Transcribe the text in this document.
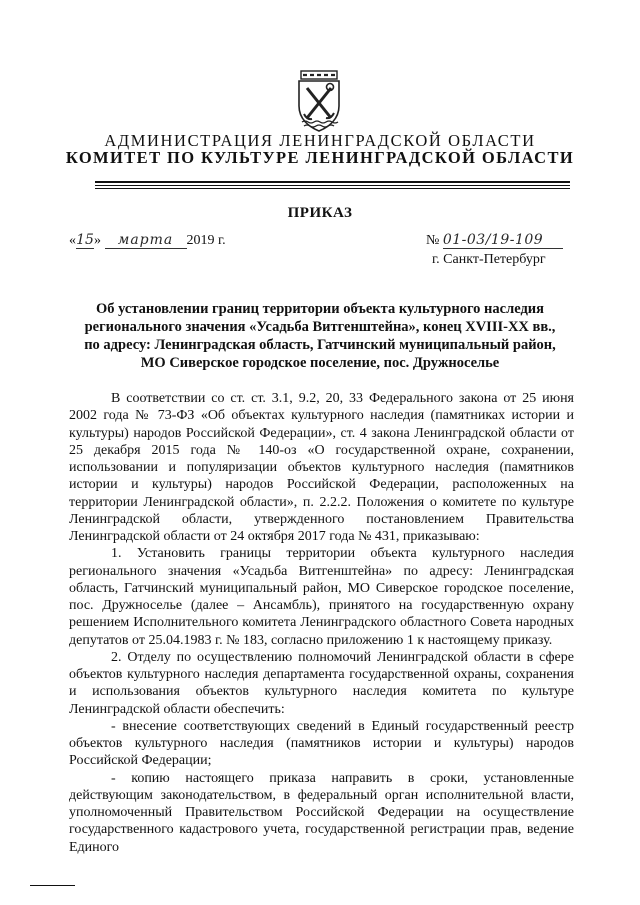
АДМИНИСТРАЦИЯ ЛЕНИНГРАДСКОЙ ОБЛАСТИ

КОМИТЕТ ПО КУЛЬТУРЕ ЛЕНИНГРАДСКОЙ ОБЛАСТИ

ПРИКАЗ

«15» марта 2019 г.	№ 01-03/19-109
г. Санкт-Петербург
Об установлении границ территории объекта культурного наследия
регионального значения «Усадьба Витгенштейна», конец XVIII-XX вв.,
по адресу: Ленинградская область, Гатчинский муниципальный район,
МО Сиверское городское поселение, пос. Дружноселье

В соответствии со ст. ст. 3.1, 9.2, 20, 33 Федерального закона от 25 июня 2002 года № 73-ФЗ «Об объектах культурного наследия (памятниках истории и культуры) народов Российской Федерации», ст. 4 закона Ленинградской области от 25 декабря 2015 года № 140-оз «О государственной охране, сохранении, использовании и популяризации объектов культурного наследия (памятников истории и культуры) народов Российской Федерации, расположенных на территории Ленинградской области», п. 2.2.2. Положения о комитете по культуре Ленинградской области, утвержденного постановлением Правительства Ленинградской области от 24 октября 2017 года № 431, приказываю:

1. Установить границы территории объекта культурного наследия регионального значения «Усадьба Витгенштейна» по адресу: Ленинградская область, Гатчинский муниципальный район, МО Сиверское городское поселение, пос. Дружноселье (далее – Ансамбль), принятого на государственную охрану решением Исполнительного комитета Ленинградского областного Совета народных депутатов от 25.04.1983 г. № 183, согласно приложению 1 к настоящему приказу.

2. Отделу по осуществлению полномочий Ленинградской области в сфере объектов культурного наследия департамента государственной охраны, сохранения и использования объектов культурного наследия комитета по культуре Ленинградской области обеспечить:

- внесение соответствующих сведений в Единый государственный реестр объектов культурного наследия (памятников истории и культуры) народов Российской Федерации;

- копию настоящего приказа направить в сроки, установленные действующим законодательством, в федеральный орган исполнительной власти, уполномоченный Правительством Российской Федерации на осуществление государственного кадастрового учета, государственной регистрации прав, ведение Единого
